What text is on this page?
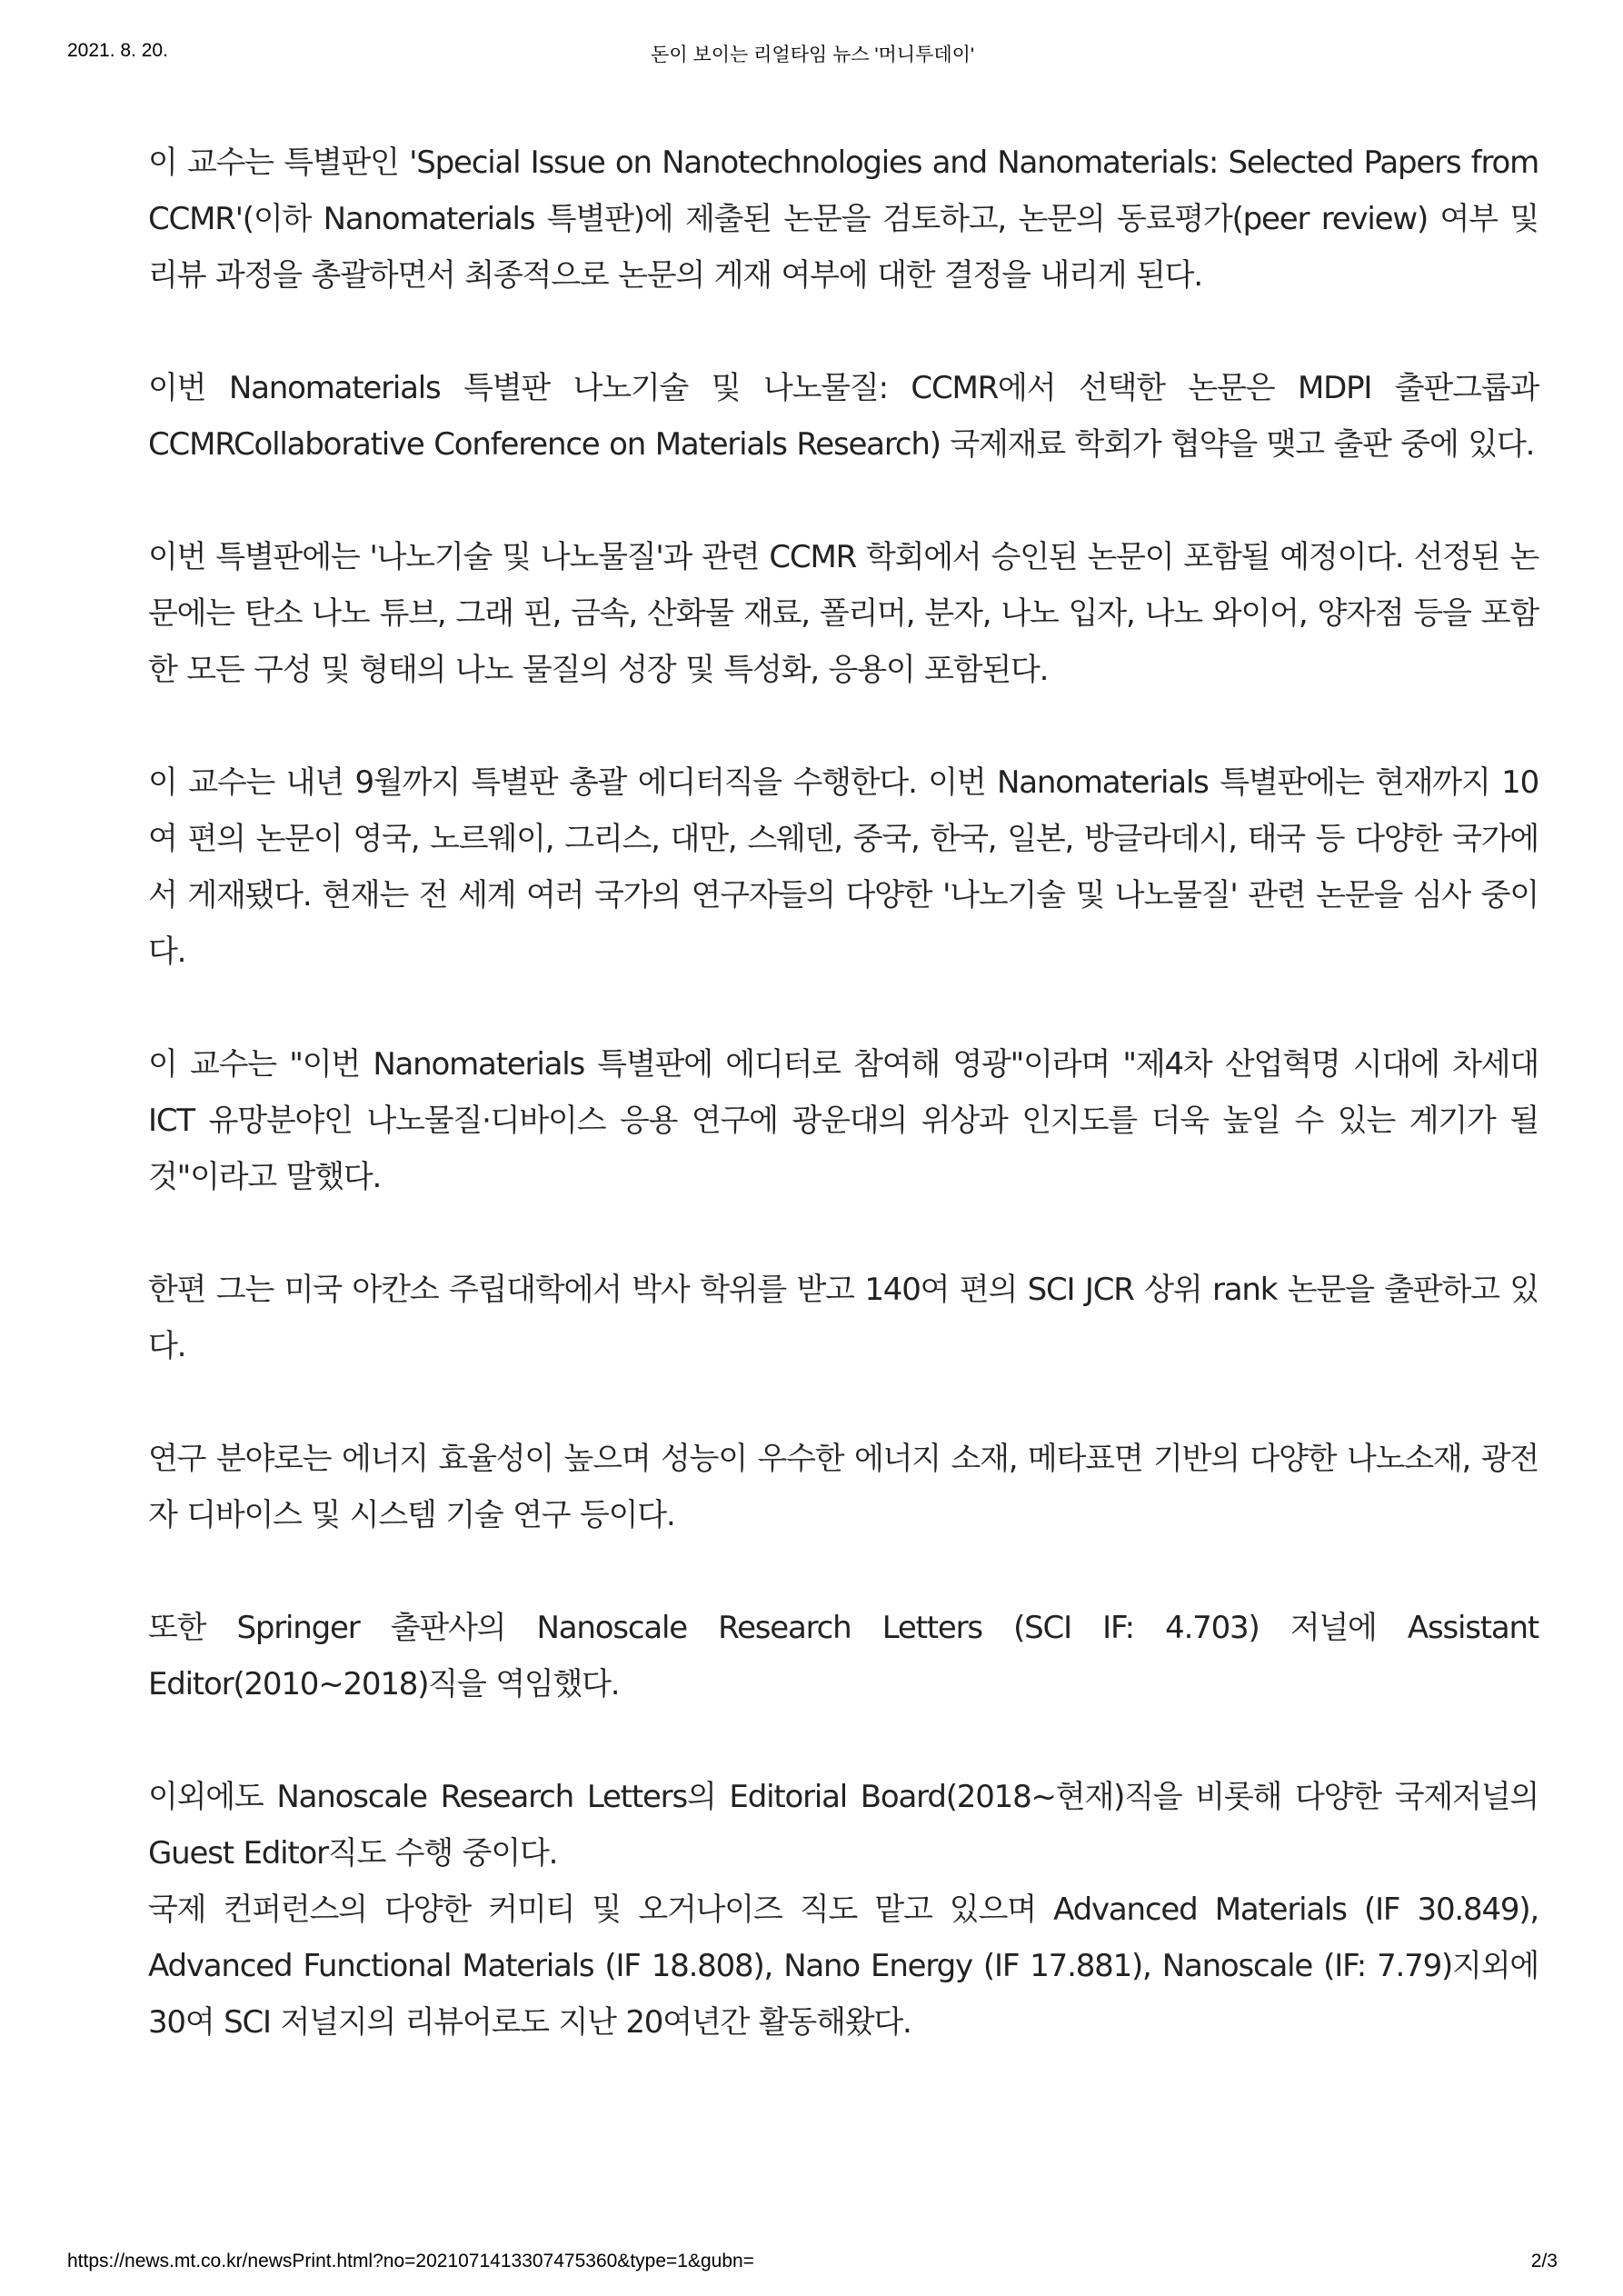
2021. 8. 20.	돈이 보이는 리얼타임 뉴스 '머니투데이'

이 교수는 특별판인 'Special Issue on Nanotechnologies and Nanomaterials: Selected Papers from CCMR'(이하 Nanomaterials 특별판)에 제출된 논문을 검토하고, 논문의 동료평가(peer review) 여부 및 리뷰 과정을 총괄하면서 최종적으로 논문의 게재 여부에 대한 결정을 내리게 된다.

이번 Nanomaterials 특별판 나노기술 및 나노물질: CCMR에서 선택한 논문은 MDPI 출판그룹과 CCMRCollaborative Conference on Materials Research) 국제재료 학회가 협약을 맺고 출판 중에 있다.

이번 특별판에는 '나노기술 및 나노물질'과 관련 CCMR 학회에서 승인된 논문이 포함될 예정이다. 선정된 논문에는 탄소 나노 튜브, 그래 핀, 금속, 산화물 재료, 폴리머, 분자, 나노 입자, 나노 와이어, 양자점 등을 포함한 모든 구성 및 형태의 나노 물질의 성장 및 특성화, 응용이 포함된다.

이 교수는 내년 9월까지 특별판 총괄 에디터직을 수행한다. 이번 Nanomaterials 특별판에는 현재까지 10여 편의 논문이 영국, 노르웨이, 그리스, 대만, 스웨덴, 중국, 한국, 일본, 방글라데시, 태국 등 다양한 국가에서 게재됐다. 현재는 전 세계 여러 국가의 연구자들의 다양한 '나노기술 및 나노물질' 관련 논문을 심사 중이다.

이 교수는 "이번 Nanomaterials 특별판에 에디터로 참여해 영광"이라며 "제4차 산업혁명 시대에 차세대 ICT 유망분야인 나노물질·디바이스 응용 연구에 광운대의 위상과 인지도를 더욱 높일 수 있는 계기가 될 것"이라고 말했다.

한편 그는 미국 아칸소 주립대학에서 박사 학위를 받고 140여 편의 SCI JCR 상위 rank 논문을 출판하고 있다.

연구 분야로는 에너지 효율성이 높으며 성능이 우수한 에너지 소재, 메타표면 기반의 다양한 나노소재, 광전자 디바이스 및 시스템 기술 연구 등이다.

또한 Springer 출판사의 Nanoscale Research Letters (SCI IF: 4.703) 저널에 Assistant Editor(2010~2018)직을 역임했다.

이외에도 Nanoscale Research Letters의 Editorial Board(2018~현재)직을 비롯해 다양한 국제저널의 Guest Editor직도 수행 중이다.

국제 컨퍼런스의 다양한 커미티 및 오거나이즈 직도 맡고 있으며 Advanced Materials (IF 30.849), Advanced Functional Materials (IF 18.808), Nano Energy (IF 17.881), Nanoscale (IF: 7.79)지외에 30여 SCI 저널지의 리뷰어로도 지난 20여년간 활동해왔다.

https://news.mt.co.kr/newsPrint.html?no=2021071413307475360&type=1&gubn=	2/3
